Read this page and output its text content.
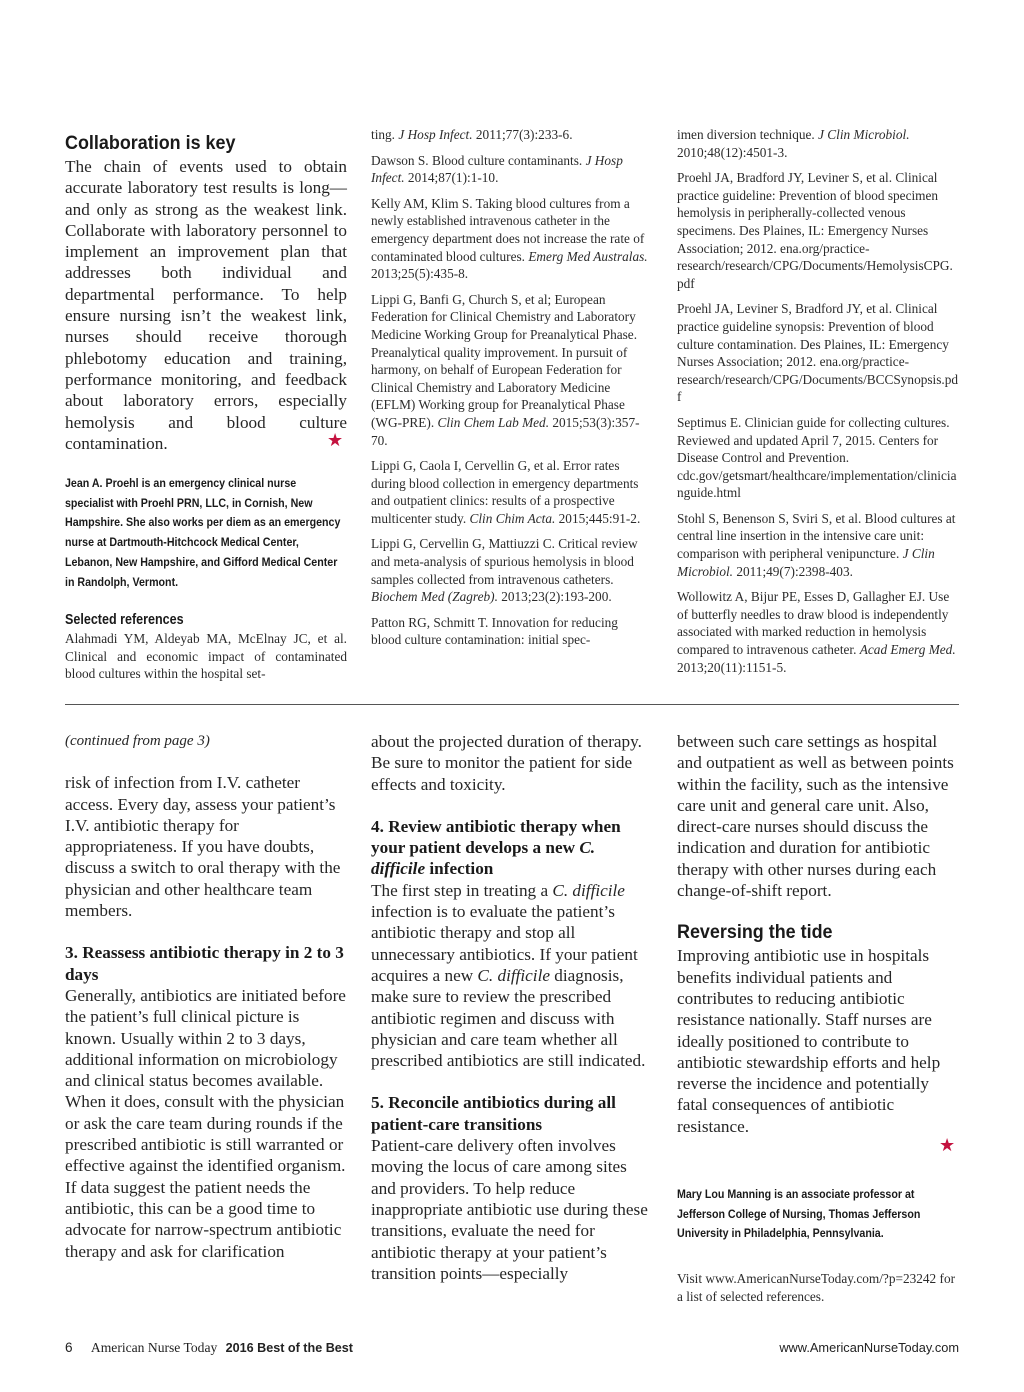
Collaboration is key

The chain of events used to obtain accurate laboratory test results is long—and only as strong as the weakest link. Collaborate with laboratory personnel to implement an improvement plan that addresses both individual and departmental performance. To help ensure nursing isn’t the weakest link, nurses should receive thorough phlebotomy education and training, performance monitoring, and feedback about laboratory errors, especially hemolysis and blood culture contamination.	★
Jean A. Proehl is an emergency clinical nurse specialist with Proehl PRN, LLC, in Cornish, New Hampshire. She also works per diem as an emergency nurse at Dartmouth-Hitchcock Medical Center, Lebanon, New Hampshire, and Gifford Medical Center in Randolph, Vermont.
Selected references

Alahmadi YM, Aldeyab MA, McElnay JC, et al. Clinical and economic impact of contaminated blood cultures within the hospital set-

ting. J Hosp Infect. 2011;77(3):233-6.
Dawson S. Blood culture contaminants. J Hosp Infect. 2014;87(1):1-10.
Kelly AM, Klim S. Taking blood cultures from a newly established intravenous catheter in the emergency department does not increase the rate of contaminated blood cultures. Emerg Med Australas. 2013;25(5):435-8.
Lippi G, Banfi G, Church S, et al; European Federation for Clinical Chemistry and Laboratory Medicine Working Group for Preanalytical Phase. Preanalytical quality improvement. In pursuit of harmony, on behalf of European Federation for Clinical Chemistry and Laboratory Medicine (EFLM) Working group for Preanalytical Phase (WG-PRE). Clin Chem Lab Med. 2015;53(3):357-70.
Lippi G, Caola I, Cervellin G, et al. Error rates during blood collection in emergency departments and outpatient clinics: results of a prospective multicenter study. Clin Chim Acta. 2015;445:91-2.
Lippi G, Cervellin G, Mattiuzzi C. Critical review and meta-analysis of spurious hemolysis in blood samples collected from intravenous catheters. Biochem Med (Zagreb). 2013;23(2):193-200.
Patton RG, Schmitt T. Innovation for reducing blood culture contamination: initial spec-
imen diversion technique. J Clin Microbiol. 2010;48(12):4501-3.
Proehl JA, Bradford JY, Leviner S, et al. Clinical practice guideline: Prevention of blood specimen hemolysis in peripherally-collected venous specimens. Des Plaines, IL: Emergency Nurses Association; 2012. ena.org/practice-research/research/CPG/Documents/HemolysisCPG.pdf
Proehl JA, Leviner S, Bradford JY, et al. Clinical practice guideline synopsis: Prevention of blood culture contamination. Des Plaines, IL: Emergency Nurses Association; 2012. ena.org/practice-research/research/CPG/Documents/BCCSynopsis.pdf
Septimus E. Clinician guide for collecting cultures. Reviewed and updated April 7, 2015. Centers for Disease Control and Prevention. cdc.gov/getsmart/healthcare/implementation/clinicianguide.html
Stohl S, Benenson S, Sviri S, et al. Blood cultures at central line insertion in the intensive care unit: comparison with peripheral venipuncture. J Clin Microbiol. 2011;49(7):2398-403.
Wollowitz A, Bijur PE, Esses D, Gallagher EJ. Use of butterfly needles to draw blood is independently associated with marked reduction in hemolysis compared to intravenous catheter. Acad Emerg Med. 2013;20(11):1151-5.

(continued from page 3)

risk of infection from I.V. catheter access. Every day, assess your patient’s I.V. antibiotic therapy for appropriateness. If you have doubts, discuss a switch to oral therapy with the physician and other healthcare team members.

3. Reassess antibiotic therapy in 2 to 3 days

Generally, antibiotics are initiated before the patient’s full clinical picture is known. Usually within 2 to 3 days, additional information on microbiology and clinical status becomes available. When it does, consult with the physician or ask the care team during rounds if the prescribed antibiotic is still warranted or effective against the identified organism. If data suggest the patient needs the antibiotic, this can be a good time to advocate for narrow-spectrum antibiotic therapy and ask for clarification

about the projected duration of therapy. Be sure to monitor the patient for side effects and toxicity.

4. Review antibiotic therapy when your patient develops a new C. difficile infection

The first step in treating a C. difficile infection is to evaluate the patient’s antibiotic therapy and stop all unnecessary antibiotics. If your patient acquires a new C. difficile diagnosis, make sure to review the prescribed antibiotic regimen and discuss with physician and care team whether all prescribed antibiotics are still indicated.

5. Reconcile antibiotics during all patient-care transitions

Patient-care delivery often involves moving the locus of care among sites and providers. To help reduce inappropriate antibiotic use during these transitions, evaluate the need for antibiotic therapy at your patient’s transition points—especially

between such care settings as hospital and outpatient as well as between points within the facility, such as the intensive care unit and general care unit. Also, direct-care nurses should discuss the indication and duration for antibiotic therapy with other nurses during each change-of-shift report.

Reversing the tide

Improving antibiotic use in hospitals benefits individual patients and contributes to reducing antibiotic resistance nationally. Staff nurses are ideally positioned to contribute to antibiotic stewardship efforts and help reverse the incidence and potentially fatal consequences of antibiotic resistance.

★
Mary Lou Manning is an associate professor at Jefferson College of Nursing, Thomas Jefferson University in Philadelphia, Pennsylvania.

Visit www.AmericanNurseToday.com/?p=23242 for a list of selected references.

6 American Nurse Today 2016 Best of the Best	www.AmericanNurseToday.com
